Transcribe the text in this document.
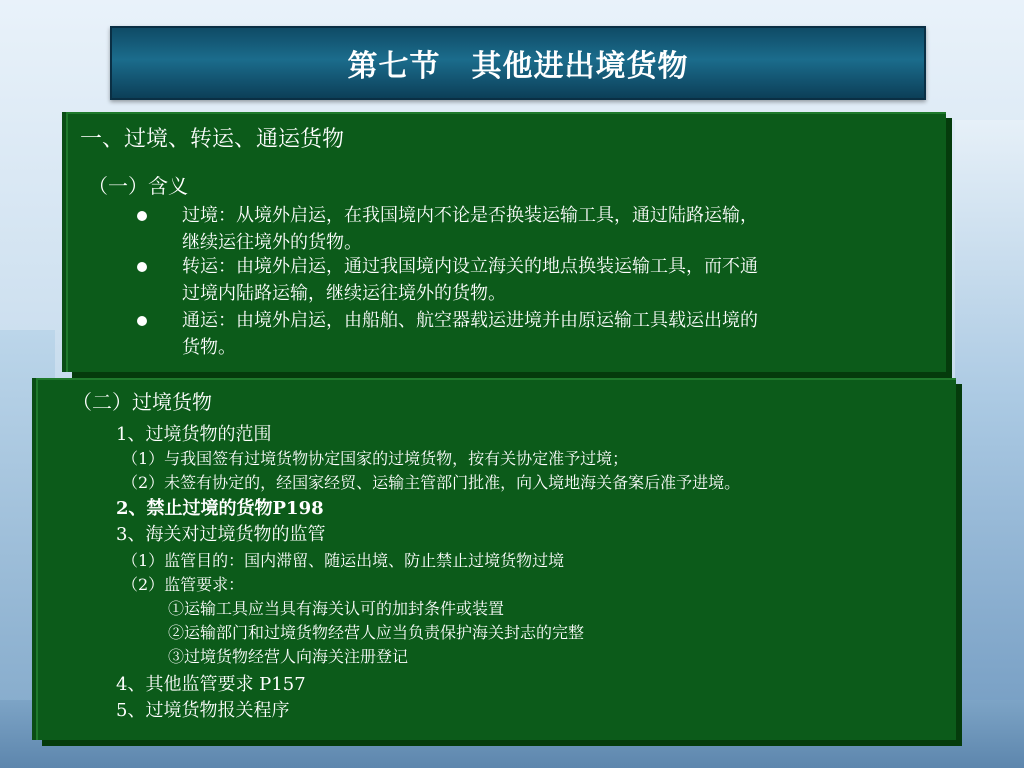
第七节　其他进出境货物
一、过境、转运、通运货物
（一）含义
过境：从境外启运，在我国境内不论是否换装运输工具，通过陆路运输，
继续运往境外的货物。
转运：由境外启运，通过我国境内设立海关的地点换装运输工具，而不通
过境内陆路运输，继续运往境外的货物。
通运：由境外启运，由船舶、航空器载运进境并由原运输工具载运出境的
货物。
（二）过境货物
1、过境货物的范围
（1）与我国签有过境货物协定国家的过境货物，按有关协定准予过境；
（2）未签有协定的，经国家经贸、运输主管部门批准，向入境地海关备案后准予进境。
2、禁止过境的货物P198
3、海关对过境货物的监管
（1）监管目的：国内滞留、随运出境、防止禁止过境货物过境
（2）监管要求：
①运输工具应当具有海关认可的加封条件或装置
②运输部门和过境货物经营人应当负责保护海关封志的完整
③过境货物经营人向海关注册登记
4、其他监管要求 P157
5、过境货物报关程序
